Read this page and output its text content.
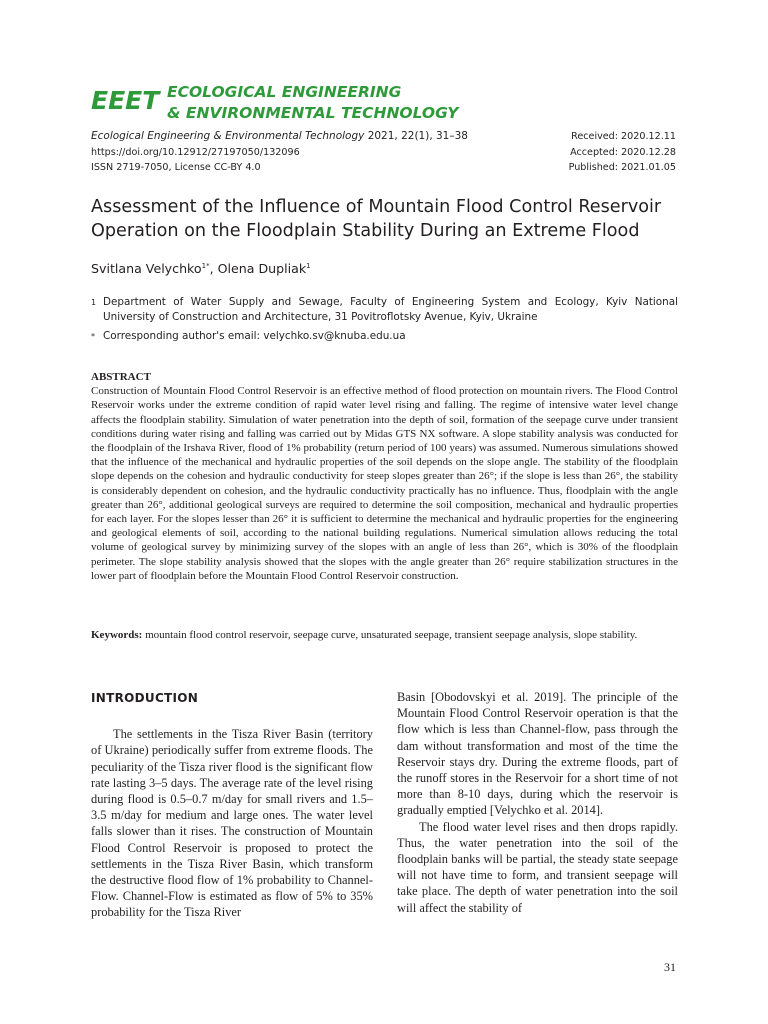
EEET ECOLOGICAL ENGINEERING
& ENVIRONMENTAL TECHNOLOGY
Ecological Engineering & Environmental Technology 2021, 22(1), 31–38
https://doi.org/10.12912/27197050/132096
ISSN 2719-7050, License CC-BY 4.0
Received: 2020.12.11
Accepted: 2020.12.28
Published: 2021.01.05
Assessment of the Influence of Mountain Flood Control Reservoir
Operation on the Floodplain Stability During an Extreme Flood
Svitlana Velychko$^{1*}$, Olena Dupliak$^1$
1 Department of Water Supply and Sewage, Faculty of Engineering System and Ecology, Kyiv National University of Construction and Architecture, 31 Povitroflotsky Avenue, Kyiv, Ukraine
* Corresponding author's email: velychko.sv@knuba.edu.ua
ABSTRACT
Construction of Mountain Flood Control Reservoir is an effective method of flood protection on mountain rivers. The Flood Control Reservoir works under the extreme condition of rapid water level rising and falling. The regime of intensive water level change affects the floodplain stability. Simulation of water penetration into the depth of soil, formation of the seepage curve under transient conditions during water rising and falling was carried out by Midas GTS NX software. A slope stability analysis was conducted for the floodplain of the Irshava River, flood of 1% probability (return period of 100 years) was assumed. Numerous simulations showed that the influence of the mechanical and hydraulic properties of the soil depends on the slope angle. The stability of the floodplain slope depends on the cohesion and hydraulic conductivity for steep slopes greater than 26°; if the slope is less than 26°, the stability is considerably dependent on cohesion, and the hydraulic conductivity practically has no influence. Thus, floodplain with the angle greater than 26°, additional geological surveys are required to determine the soil composition, mechanical and hydraulic properties for each layer. For the slopes lesser than 26° it is sufficient to determine the mechanical and hydraulic properties for the engineering and geological elements of soil, according to the national building regulations. Numerical simulation allows reducing the total volume of geological survey by minimizing survey of the slopes with an angle of less than 26°, which is 30% of the floodplain perimeter. The slope stability analysis showed that the slopes with the angle greater than 26° require stabilization structures in the lower part of floodplain before the Mountain Flood Control Reservoir construction.
Keywords: mountain flood control reservoir, seepage curve, unsaturated seepage, transient seepage analysis, slope stability.
INTRODUCTION

The settlements in the Tisza River Basin (territory of Ukraine) periodically suffer from extreme floods. The peculiarity of the Tisza river flood is the significant flow rate lasting 3–5 days. The average rate of the level rising during flood is 0.5–0.7 m/day for small rivers and 1.5–3.5 m/day for medium and large ones. The water level falls slower than it rises. The construction of Mountain Flood Control Reservoir is proposed to protect the settlements in the Tisza River Basin, which transform the destructive flood flow of 1% probability to Channel-Flow. Channel-Flow is estimated as flow of 5% to 35% probability for the Tisza River

Basin [Obodovskyi et al. 2019]. The principle of the Mountain Flood Control Reservoir operation is that the flow which is less than Channel-flow, pass through the dam without transformation and most of the time the Reservoir stays dry. During the extreme floods, part of the runoff stores in the Reservoir for a short time of not more than 8-10 days, during which the reservoir is gradually emptied [Velychko et al. 2014].

The flood water level rises and then drops rapidly. Thus, the water penetration into the soil of the floodplain banks will be partial, the steady state seepage will not have time to form, and transient seepage will take place. The depth of water penetration into the soil will affect the stability of

31
